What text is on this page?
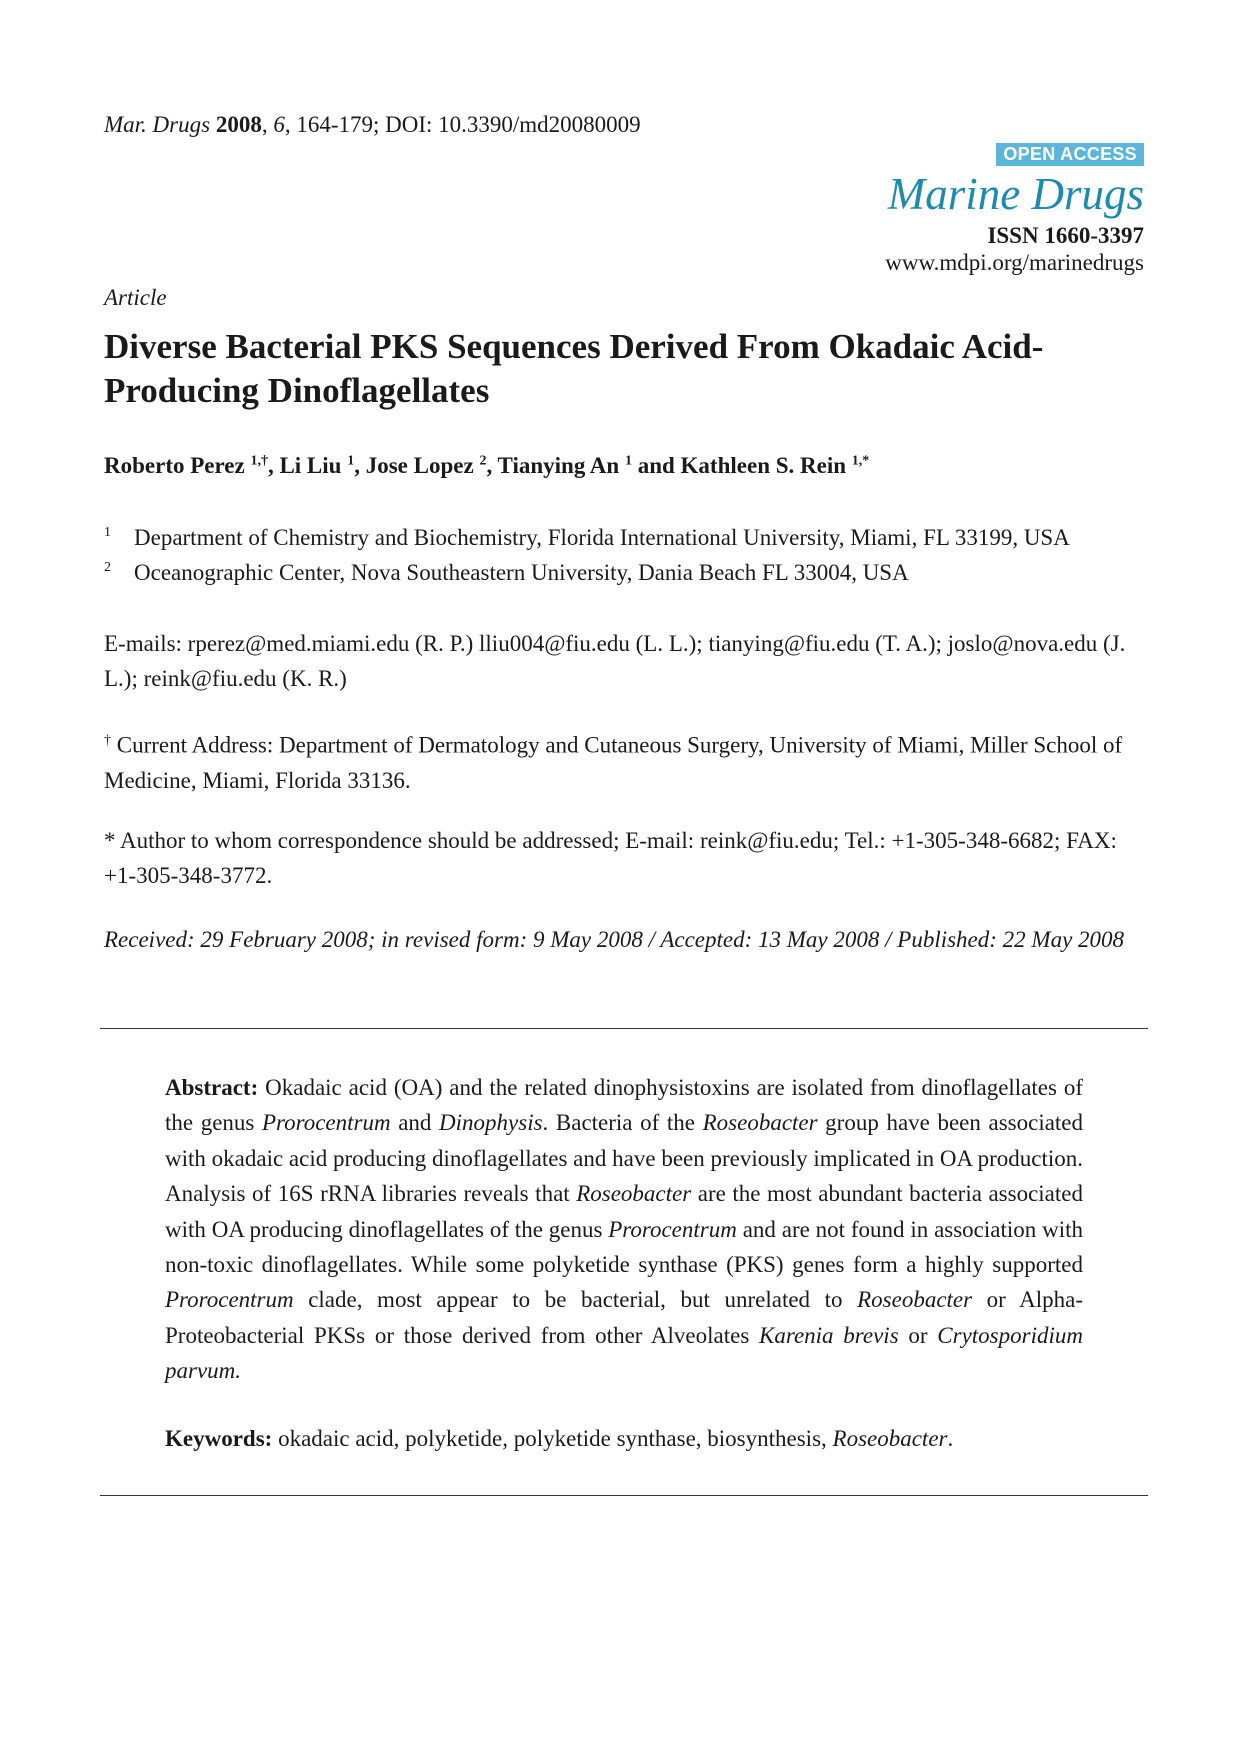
Mar. Drugs 2008, 6, 164-179; DOI: 10.3390/md20080009
OPEN ACCESS
Marine Drugs
ISSN 1660-3397
www.mdpi.org/marinedrugs
Article
Diverse Bacterial PKS Sequences Derived From Okadaic Acid-Producing Dinoflagellates
Roberto Perez $^{1,\dagger}$, Li Liu $^1$, Jose Lopez $^2$, Tianying An $^1$ and Kathleen S. Rein $^{1,*}$
1 Department of Chemistry and Biochemistry, Florida International University, Miami, FL 33199, USA
2 Oceanographic Center, Nova Southeastern University, Dania Beach FL 33004, USA
E-mails: rperez@med.miami.edu (R. P.) lliu004@fiu.edu (L. L.); tianying@fiu.edu (T. A.); joslo@nova.edu (J. L.); reink@fiu.edu (K. R.)
† Current Address: Department of Dermatology and Cutaneous Surgery, University of Miami, Miller School of Medicine, Miami, Florida 33136.
* Author to whom correspondence should be addressed; E-mail: reink@fiu.edu; Tel.: +1-305-348-6682; FAX: +1-305-348-3772.
Received: 29 February 2008; in revised form: 9 May 2008 / Accepted: 13 May 2008 / Published: 22 May 2008
Abstract: Okadaic acid (OA) and the related dinophysistoxins are isolated from dinoflagellates of the genus Prorocentrum and Dinophysis. Bacteria of the Roseobacter group have been associated with okadaic acid producing dinoflagellates and have been previously implicated in OA production. Analysis of 16S rRNA libraries reveals that Roseobacter are the most abundant bacteria associated with OA producing dinoflagellates of the genus Prorocentrum and are not found in association with non-toxic dinoflagellates. While some polyketide synthase (PKS) genes form a highly supported Prorocentrum clade, most appear to be bacterial, but unrelated to Roseobacter or Alpha-Proteobacterial PKSs or those derived from other Alveolates Karenia brevis or Crytosporidium parvum.
Keywords: okadaic acid, polyketide, polyketide synthase, biosynthesis, Roseobacter.
